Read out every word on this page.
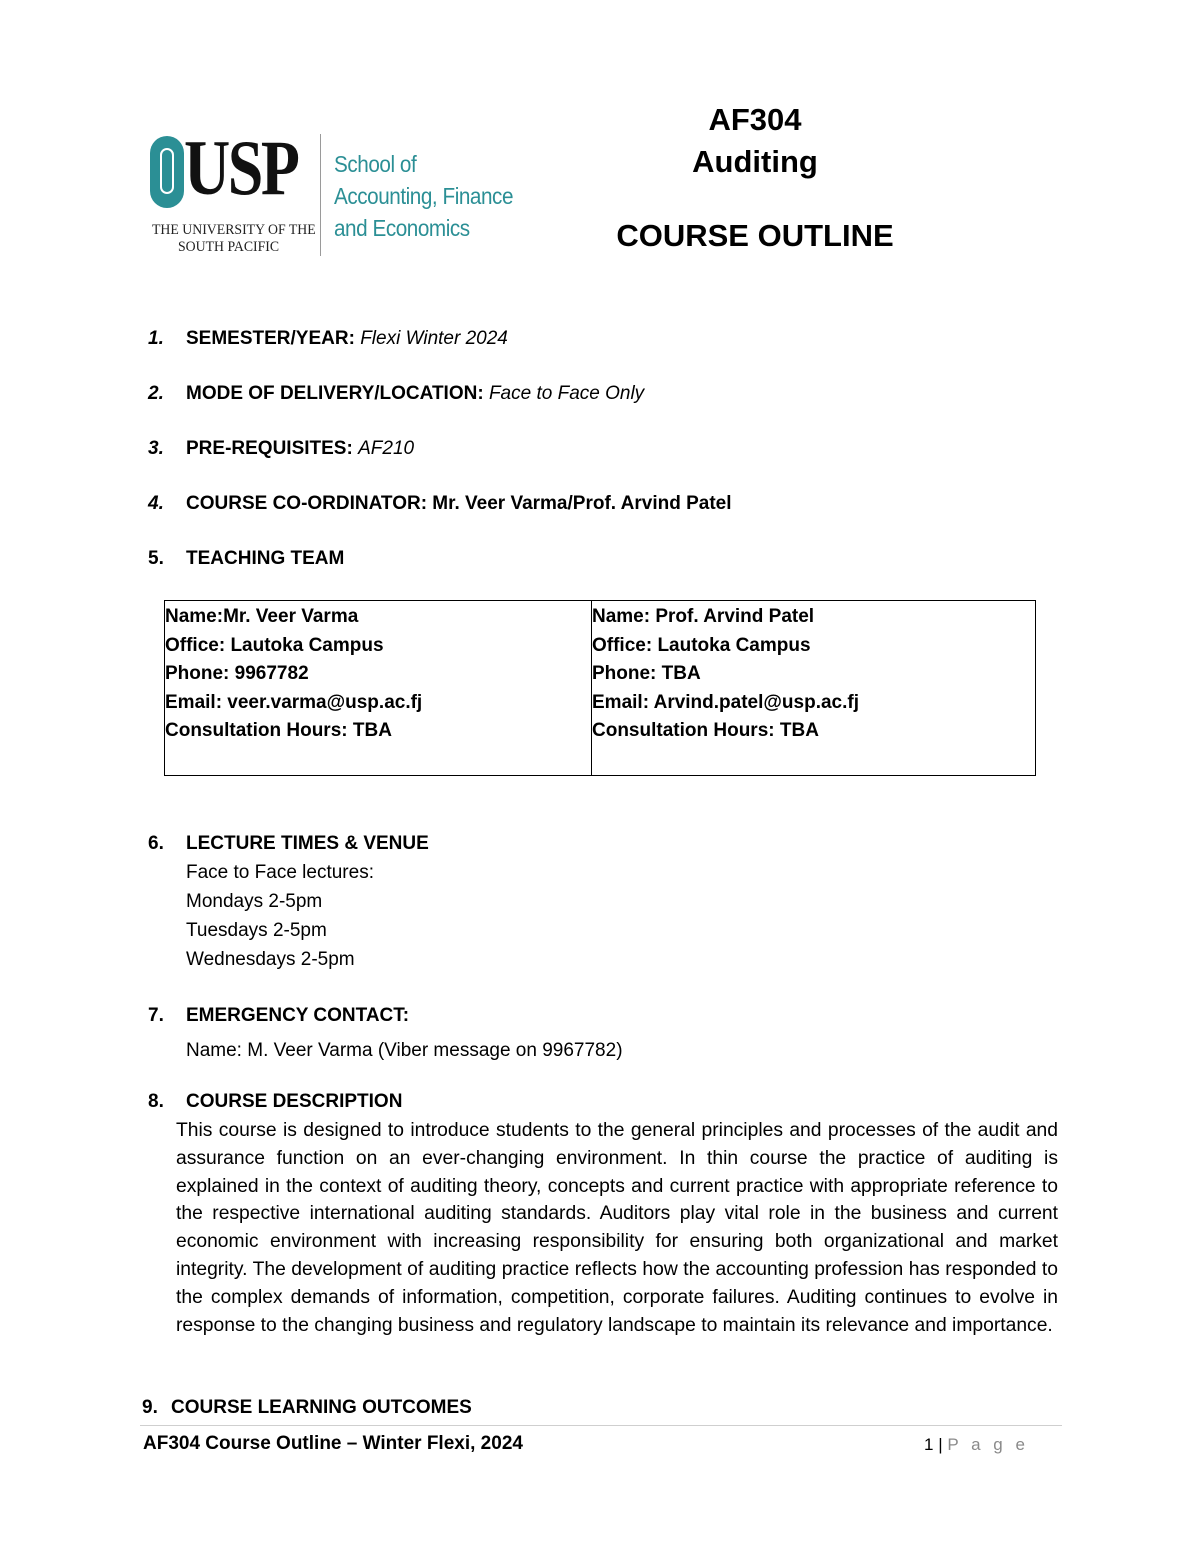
USP
THE UNIVERSITY OF THE
SOUTH PACIFIC
School of
Accounting, Finance
and Economics
AF304
Auditing
COURSE OUTLINE
1. SEMESTER/YEAR: Flexi Winter 2024
2. MODE OF DELIVERY/LOCATION: Face to Face Only
3. PRE-REQUISITES: AF210
4. COURSE CO-ORDINATOR: Mr. Veer Varma/Prof. Arvind Patel
5. TEACHING TEAM
Name:Mr. Veer Varma
Office: Lautoka Campus
Phone: 9967782
Email: veer.varma@usp.ac.fj
Consultation Hours: TBA
Name: Prof. Arvind Patel
Office: Lautoka Campus
Phone: TBA
Email: Arvind.patel@usp.ac.fj
Consultation Hours: TBA
6. LECTURE TIMES & VENUE
Face to Face lectures:
Mondays 2-5pm
Tuesdays 2-5pm
Wednesdays 2-5pm
7. EMERGENCY CONTACT:
Name: M. Veer Varma (Viber message on 9967782)
8. COURSE DESCRIPTION
This course is designed to introduce students to the general principles and processes of the audit and assurance function on an ever-changing environment. In thin course the practice of auditing is explained in the context of auditing theory, concepts and current practice with appropriate reference to the respective international auditing standards. Auditors play vital role in the business and current economic environment with increasing responsibility for ensuring both organizational and market integrity. The development of auditing practice reflects how the accounting profession has responded to the complex demands of information, competition, corporate failures. Auditing continues to evolve in response to the changing business and regulatory landscape to maintain its relevance and importance.
9. COURSE LEARNING OUTCOMES
AF304 Course Outline – Winter Flexi, 2024	1 | P a g e
